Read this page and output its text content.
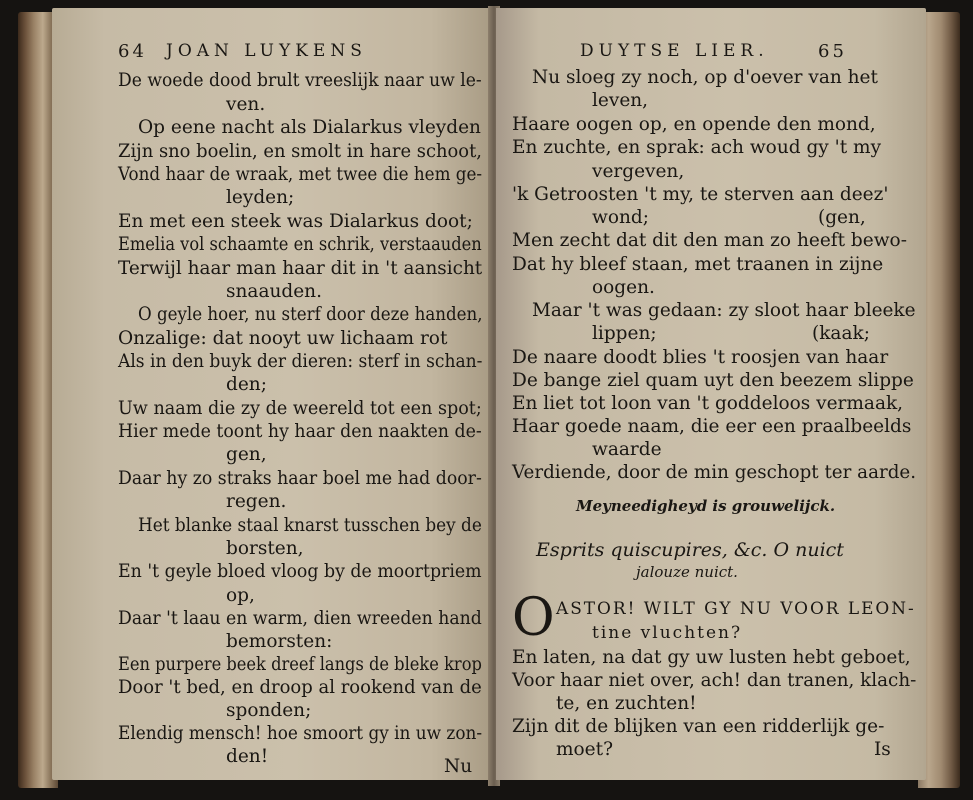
64 JOAN LUYKENS
De woede dood brult vreeslijk naar uw le-
ven.
Op eene nacht als Dialarkus vleyden
Zijn sno boelin, en smolt in hare schoot,
Vond haar de wraak, met twee die hem ge-
leyden;
En met een steek was Dialarkus doot;
Emelia vol schaamte en schrik, verstaauden
Terwijl haar man haar dit in 't aansicht
snaauden.
O geyle hoer, nu sterf door deze handen,
Onzalige: dat nooyt uw lichaam rot
Als in den buyk der dieren: sterf in schan-
den;
Uw naam die zy de weereld tot een spot;
Hier mede toont hy haar den naakten de-
gen,
Daar hy zo straks haar boel me had door-
regen.
Het blanke staal knarst tusschen bey de
borsten,
En 't geyle bloed vloog by de moortpriem
op,
Daar 't laau en warm, dien wreeden hand
bemorsten:
Een purpere beek dreef langs de bleke krop
Door 't bed, en droop al rookend van de
sponden;
Elendig mensch! hoe smoort gy in uw zon-
den!	Nu
DUYTSE LIER.	65
Nu sloeg zy noch, op d'oever van het
leven,
Haare oogen op, en opende den mond,
En zuchte, en sprak: ach woud gy 't my
vergeven,
'k Getroosten 't my, te sterven aan deez'
wond;	(gen,
Men zecht dat dit den man zo heeft bewo-
Dat hy bleef staan, met traanen in zijne
oogen.
Maar 't was gedaan: zy sloot haar bleeke
lippen;	(kaak;
De naare doodt blies 't roosjen van haar
De bange ziel quam uyt den beezem slippe
En liet tot loon van 't goddeloos vermaak,
Haar goede naam, die eer een praalbeelds
waarde
Verdiende, door de min geschopt ter aarde.
Meyneedigheyd is grouwelijck.
Esprits quiscupires, &c. O nuict
jalouze nuict.
O ASTOR! WILT GY NU VOOR LEON-
tine vluchten?
En laten, na dat gy uw lusten hebt geboet,
Voor haar niet over, ach! dan tranen, klach-
te, en zuchten!
Zijn dit de blijken van een ridderlijk ge-
moet?	Is
